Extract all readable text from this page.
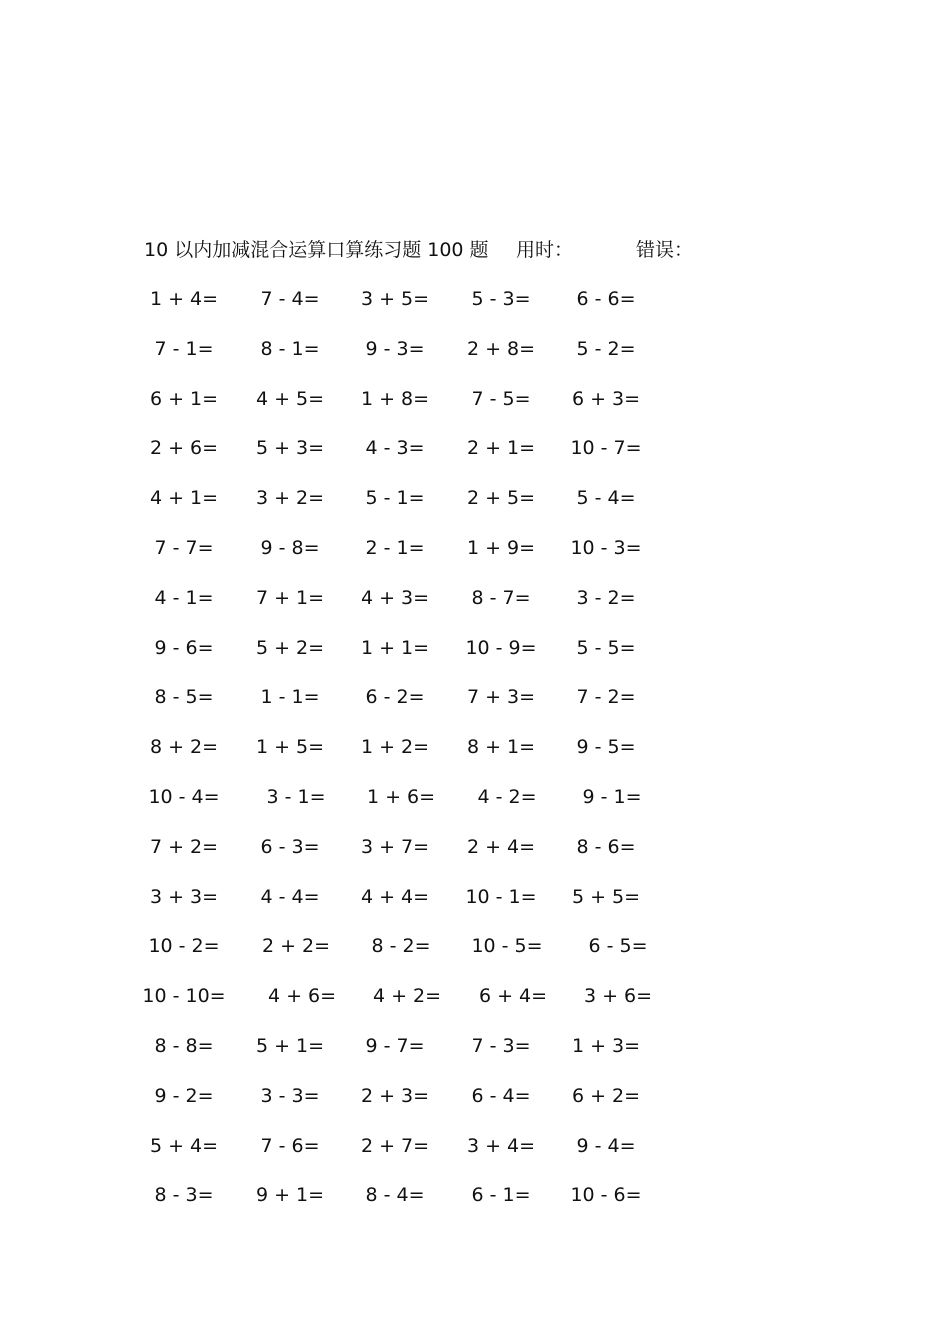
10 以内加减混合运算口算练习题 100 题 用时：	错误：
1 + 4=	7 - 4=	3 + 5=	5 - 3=	6 - 6=
7 - 1=	8 - 1=	9 - 3=	2 + 8=	5 - 2=
6 + 1=	4 + 5=	1 + 8=	7 - 5=	6 + 3=
2 + 6=	5 + 3=	4 - 3=	2 + 1=	10 - 7=
4 + 1=	3 + 2=	5 - 1=	2 + 5=	5 - 4=
7 - 7=	9 - 8=	2 - 1=	1 + 9=	10 - 3=
4 - 1=	7 + 1=	4 + 3=	8 - 7=	3 - 2=
9 - 6=	5 + 2=	1 + 1=	10 - 9=	5 - 5=
8 - 5=	1 - 1=	6 - 2=	7 + 3=	7 - 2=
8 + 2=	1 + 5=	1 + 2=	8 + 1=	9 - 5=
10 - 4=	3 - 1=	1 + 6=	4 - 2=	9 - 1=
7 + 2=	6 - 3=	3 + 7=	2 + 4=	8 - 6=
3 + 3=	4 - 4=	4 + 4=	10 - 1=	5 + 5=
10 - 2=	2 + 2=	8 - 2=	10 - 5=	6 - 5=
10 - 10=	4 + 6=	4 + 2=	6 + 4=	3 + 6=
8 - 8=	5 + 1=	9 - 7=	7 - 3=	1 + 3=
9 - 2=	3 - 3=	2 + 3=	6 - 4=	6 + 2=
5 + 4=	7 - 6=	2 + 7=	3 + 4=	9 - 4=
8 - 3=	9 + 1=	8 - 4=	6 - 1=	10 - 6=
